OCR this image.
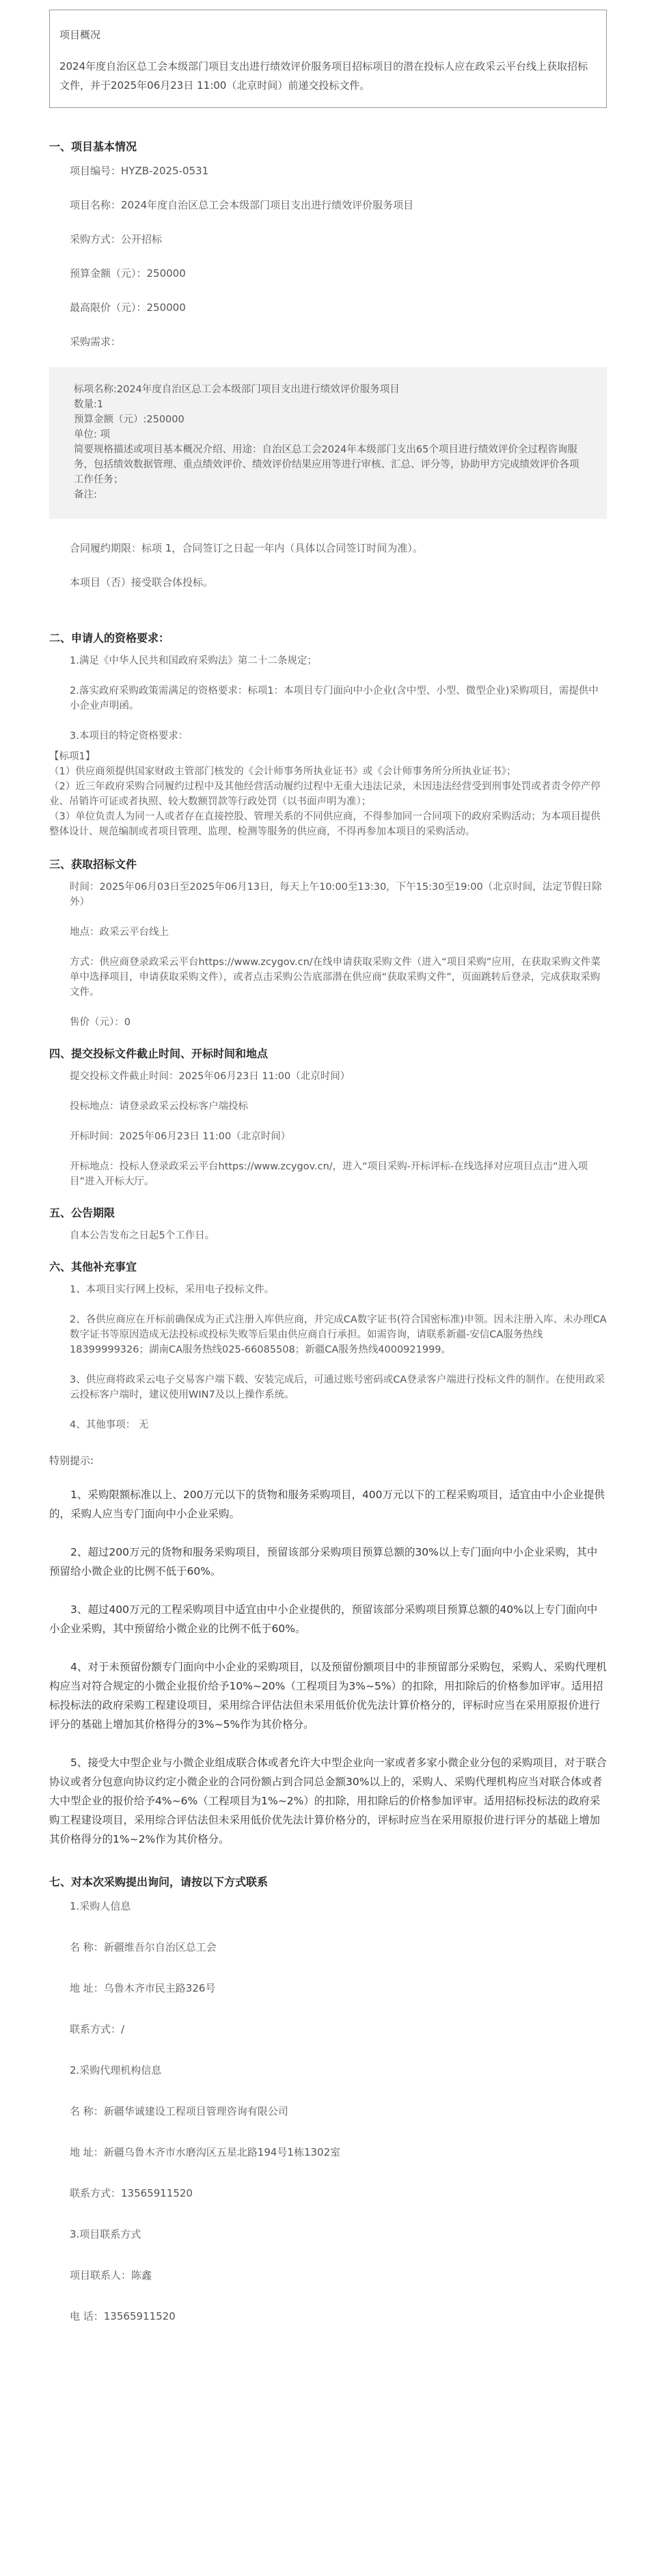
项目概况
2024年度自治区总工会本级部门项目支出进行绩效评价服务项目招标项目的潜在投标人应在政采云平台线上获取招标文件，并于2025年06月23日 11:00（北京时间）前递交投标文件。
一、项目基本情况
项目编号：HYZB-2025-0531
项目名称：2024年度自治区总工会本级部门项目支出进行绩效评价服务项目
采购方式：公开招标
预算金额（元）：250000
最高限价（元）：250000
采购需求：

标项名称:2024年度自治区总工会本级部门项目支出进行绩效评价服务项目

数量:1

预算金额（元）:250000

单位: 项

简要规格描述或项目基本概况介绍、用途：自治区总工会2024年本级部门支出65个项目进行绩效评价全过程咨询服务，包括绩效数据管理、重点绩效评价、绩效评价结果应用等进行审核、汇总、评分等，协助甲方完成绩效评价各项工作任务；

备注:

合同履约期限：标项 1，合同签订之日起一年内（具体以合同签订时间为准）。
本项目（否）接受联合体投标。
二、申请人的资格要求：
1.满足《中华人民共和国政府采购法》第二十二条规定；
2.落实政府采购政策需满足的资格要求：标项1：本项目专门面向中小企业(含中型、小型、微型企业)采购项目，需提供中小企业声明函。
3.本项目的特定资格要求：
【标项1】
（1）供应商须提供国家财政主管部门核发的《会计师事务所执业证书》或《会计师事务所分所执业证书》；
（2）近三年政府采购合同履约过程中及其他经营活动履约过程中无重大违法记录，未因违法经营受到刑事处罚或者责令停产停业、吊销许可证或者执照、较大数额罚款等行政处罚（以书面声明为准）；
（3）单位负责人为同一人或者存在直接控股、管理关系的不同供应商，不得参加同一合同项下的政府采购活动；为本项目提供整体设计、规范编制或者项目管理、监理、检测等服务的供应商，不得再参加本项目的采购活动。
三、获取招标文件
时间：2025年06月03日至2025年06月13日，每天上午10:00至13:30，下午15:30至19:00（北京时间，法定节假日除外）
地点：政采云平台线上
方式：供应商登录政采云平台https://www.zcygov.cn/在线申请获取采购文件（进入“项目采购”应用，在获取采购文件菜单中选择项目，申请获取采购文件），或者点击采购公告底部潜在供应商“获取采购文件”，页面跳转后登录，完成获取采购文件。
售价（元）：0
四、提交投标文件截止时间、开标时间和地点
提交投标文件截止时间：2025年06月23日 11:00（北京时间）
投标地点：请登录政采云投标客户端投标
开标时间：2025年06月23日 11:00（北京时间）
开标地点：投标人登录政采云平台https://www.zcygov.cn/，进入“项目采购-开标评标-在线选择对应项目点击“进入项目”进入开标大厅。
五、公告期限
自本公告发布之日起5个工作日。
六、其他补充事宜
1、本项目实行网上投标，采用电子投标文件。
2、各供应商应在开标前确保成为正式注册入库供应商，并完成CA数字证书(符合国密标准)申领。因未注册入库、未办理CA数字证书等原因造成无法投标或投标失败等后果由供应商自行承担。如需咨询，请联系新疆-安信CA服务热线18399999326；湖南CA服务热线025-66085508；新疆CA服务热线4000921999。
3、供应商将政采云电子交易客户端下载、安装完成后，可通过账号密码或CA登录客户端进行投标文件的制作。在使用政采云投标客户端时，建议使用WIN7及以上操作系统。
4、其他事项： 无
特别提示:
1、采购限额标准以上、200万元以下的货物和服务采购项目，400万元以下的工程采购项目，适宜由中小企业提供的，采购人应当专门面向中小企业采购。
2、超过200万元的货物和服务采购项目，预留该部分采购项目预算总额的30%以上专门面向中小企业采购，其中预留给小微企业的比例不低于60%。
3、超过400万元的工程采购项目中适宜由中小企业提供的，预留该部分采购项目预算总额的40%以上专门面向中小企业采购，其中预留给小微企业的比例不低于60%。
4、对于未预留份额专门面向中小企业的采购项目，以及预留份额项目中的非预留部分采购包，采购人、采购代理机构应当对符合规定的小微企业报价给予10%~20%（工程项目为3%~5%）的扣除，用扣除后的价格参加评审。适用招标投标法的政府采购工程建设项目，采用综合评估法但未采用低价优先法计算价格分的，评标时应当在采用原报价进行评分的基础上增加其价格得分的3%~5%作为其价格分。
5、接受大中型企业与小微企业组成联合体或者允许大中型企业向一家或者多家小微企业分包的采购项目，对于联合协议或者分包意向协议约定小微企业的合同份额占到合同总金额30%以上的，采购人、采购代理机构应当对联合体或者大中型企业的报价给予4%~6%（工程项目为1%~2%）的扣除，用扣除后的价格参加评审。适用招标投标法的政府采购工程建设项目，采用综合评估法但未采用低价优先法计算价格分的，评标时应当在采用原报价进行评分的基础上增加其价格得分的1%~2%作为其价格分。
七、对本次采购提出询问，请按以下方式联系
1.采购人信息
名 称：新疆维吾尔自治区总工会
地 址：乌鲁木齐市民主路326号
联系方式：/
2.采购代理机构信息
名 称：新疆华诚建设工程项目管理咨询有限公司
地 址：新疆乌鲁木齐市水磨沟区五星北路194号1栋1302室
联系方式：13565911520
3.项目联系方式
项目联系人：陈鑫
电 话：13565911520
